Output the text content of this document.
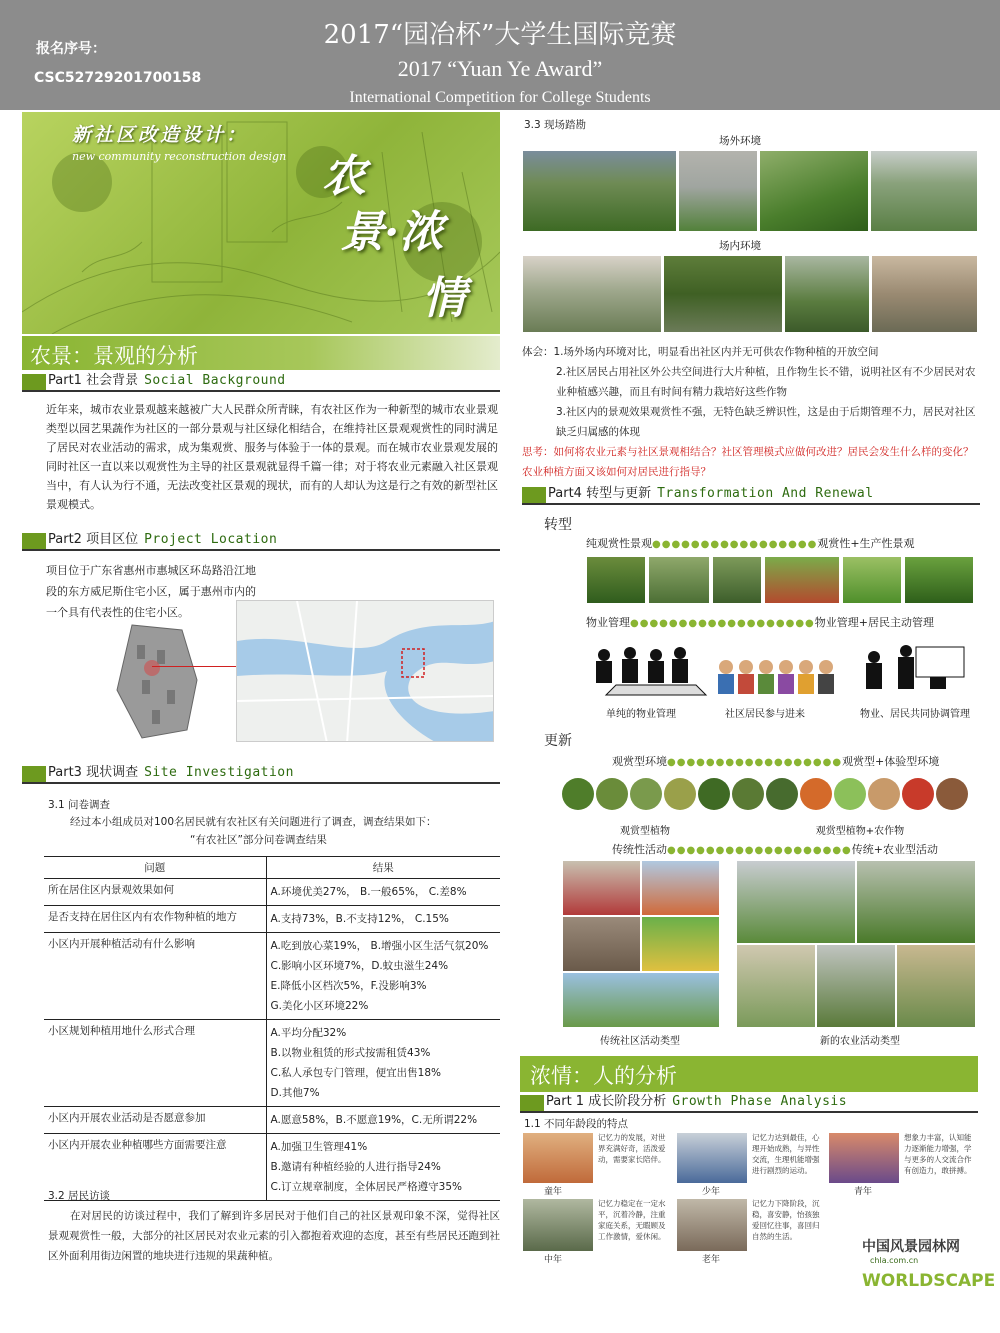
2017“园冶杯”大学生国际竞赛
2017 “Yuan Ye Award”
International Competition for College Students
报名序号：
CSC52729201700158
新社区改造设计：
new community reconstruction design 农
景·浓
情
农景：景观的分析
Part1 社会背景 Social Background
近年来，城市农业景观越来越被广大人民群众所青睐，有农社区作为一种新型的城市农业景观类型以园艺果蔬作为社区的一部分景观与社区绿化相结合，在维持社区景观观赏性的同时满足了居民对农业活动的需求，成为集观赏、服务与体验于一体的景观。而在城市农业景观发展的同时社区一直以来以观赏性为主导的社区景观就显得千篇一律；对于将农业元素融入社区景观当中，有人认为行不通，无法改变社区景观的现状，而有的人却认为这是行之有效的新型社区景观模式。
Part2 项目区位 Project Location
项目位于广东省惠州市惠城区环岛路沿江地段的东方威尼斯住宅小区，属于惠州市内的一个具有代表性的住宅小区。
Part3 现状调查 Site Investigation
3.1 问卷调查
经过本小组成员对100名居民就有农社区有关问题进行了调查，调查结果如下：
“有农社区”部分问卷调查结果
问题	结果
所在居住区内景观效果如何	A.环境优美27%， B.一般65%， C.差8%

是否支持在居住区内有农作物种植的地方	A.支持73%，B.不支持12%， C.15%

小区内开展种植活动有什么影响	A.吃到放心菜19%， B.增强小区生活气氛20%
C.影响小区环境7%，D.蚊虫滋生24%
E.降低小区档次5%，F.没影响3%
G.美化小区环境22%

小区规划种植用地什么形式合理	A.平均分配32%
B.以物业租赁的形式按需租赁43%
C.私人承包专门管理，便宜出售18%
D.其他7%

小区内开展农业活动是否愿意参加	A.愿意58%，B.不愿意19%，C.无所谓22%

小区内开展农业种植哪些方面需要注意	A.加强卫生管理41%
B.邀请有种植经验的人进行指导24%
C.订立规章制度，全体居民严格遵守35%
3.2 居民访谈
在对居民的访谈过程中，我们了解到许多居民对于他们自己的社区景观印象不深，觉得社区景观观赏性一般，大部分的社区居民对农业元素的引入都抱着欢迎的态度，甚至有些居民还跑到社区外面利用街边闲置的地块进行违规的果蔬种植。
3.3 现场踏勘
场外环境
场内环境
体会：1.场外场内环境对比，明显看出社区内并无可供农作物种植的开放空间
2.社区居民占用社区外公共空间进行大片种植，且作物生长不错，说明社区有不少居民对农业种植感兴趣，而且有时间有精力栽培好这些作物
3.社区内的景观效果观赏性不强，无特色缺乏辨识性，这是由于后期管理不力，居民对社区缺乏归属感的体现
思考：如何将农业元素与社区景观相结合？社区管理模式应做何改进？居民会发生什么样的变化？农业种植方面又该如何对居民进行指导？
Part4 转型与更新 Transformation And Renewal
转型
纯观赏性景观●●●●●●●●●●●●●●●●●观赏性+生产性景观
物业管理●●●●●●●●●●●●●●●●●●●物业管理+居民主动管理
单纯的物业管理	社区居民参与进来	物业、居民共同协调管理
更新
观赏型环境●●●●●●●●●●●●●●●●●●观赏型+体验型环境
观赏型植物	观赏型植物+农作物
传统性活动●●●●●●●●●●●●●●●●●●●传统+农业型活动
传统社区活动类型	新的农业活动类型
浓情：人的分析
Part 1 成长阶段分析 Growth Phase Analysis
1.1 不同年龄段的特点
记忆力的发展，对世界充满好奇，活泼爱动，需要家长陪伴。
童年
记忆力达到最佳，心理开始成熟，与异性交流，生理机能增强进行剧烈的运动。
少年
想象力丰富，认知能力逐渐能力增强，学与更多的人交流合作有创造力，敢拼搏。
青年
记忆力稳定在一定水平，沉着冷静，注重家庭关系，无暇顾及工作激情，爱休闲。
中年
记忆力下降阶段，沉稳，喜安静，怡孩独爱回忆往事，喜回归自然的生活。
老年
中国风景园林网
chla.com.cn
WORLDSCAPE
